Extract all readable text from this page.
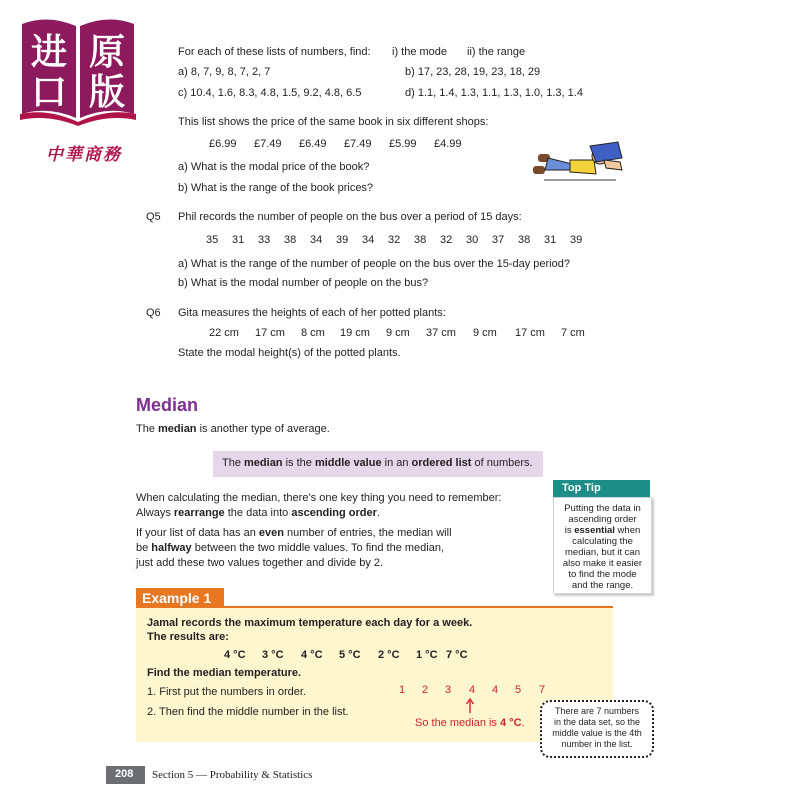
进
口
原
版
中華商務
For each of these lists of numbers, find: i) the mode ii) the range
a) 8, 7, 9, 8, 7, 2, 7	b) 17, 23, 28, 19, 23, 18, 29
c) 10.4, 1.6, 8.3, 4.8, 1.5, 9.2, 4.8, 6.5	d) 1.1, 1.4, 1.3, 1.1, 1.3, 1.0, 1.3, 1.4
This list shows the price of the same book in six different shops:
£6.99	£7.49	£6.49	£7.49	£5.99	£4.99
a) What is the modal price of the book?
b) What is the range of the book prices?
Q5 Phil records the number of people on the bus over a period of 15 days:
35	31	33	38	34	39	34	32	38	32	30	37	38	31	39
a) What is the range of the number of people on the bus over the 15-day period?
b) What is the modal number of people on the bus?
Q6 Gita measures the heights of each of her potted plants:
22 cm	17 cm	8 cm	19 cm	9 cm	37 cm	9 cm	17 cm	7 cm
State the modal height(s) of the potted plants.
Median
The median is another type of average.
The median is the middle value in an ordered list of numbers.
When calculating the median, there’s one key thing you need to remember:
Always rearrange the data into ascending order.
If your list of data has an even number of entries, the median will
be halfway between the two middle values. To find the median,
just add these two values together and divide by 2.
Top Tip
Putting the data in
ascending order
is essential when
calculating the
median, but it can
also make it easier
to find the mode
and the range.
Example 1
Jamal records the maximum temperature each day for a week.
The results are:
4 °C	3 °C	4 °C	5 °C	2 °C	1 °C 7 °C
Find the median temperature.
1. First put the numbers in order.
2. Then find the middle number in the list.
1	2	3	4	4	5	7
So the median is 4 °C.
There are 7 numbers
in the data set, so the
middle value is the 4th
number in the list.
208 Section 5 — Probability & Statistics
